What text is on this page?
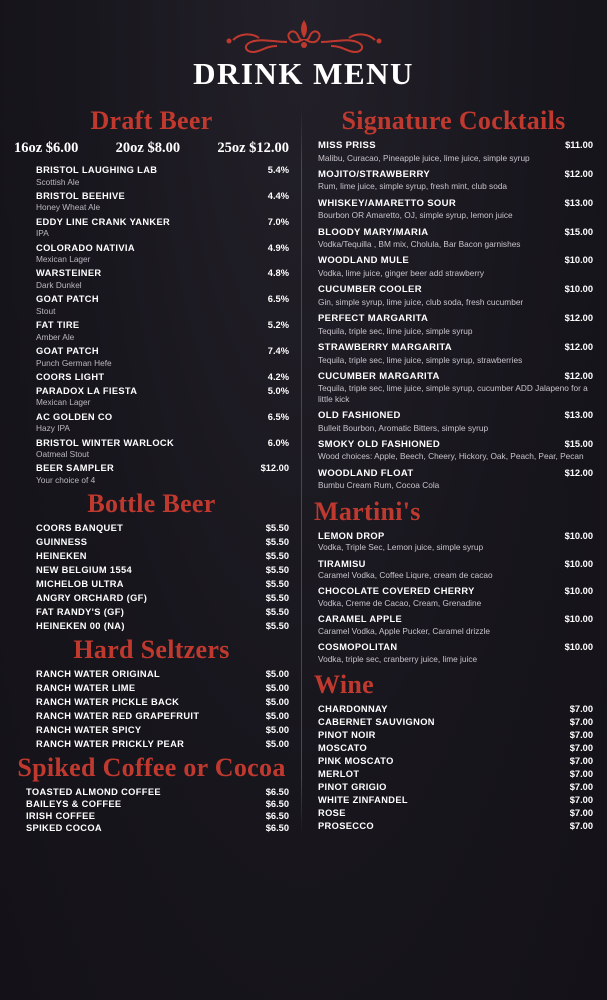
DRINK MENU
Draft Beer
16oz $6.00	20oz $8.00	25oz $12.00
BRISTOL LAUGHING LAB	5.4%
Scottish Ale
BRISTOL BEEHIVE	4.4%
Honey Wheat Ale
EDDY LINE CRANK YANKER	7.0%
IPA
COLORADO NATIVIA	4.9%
Mexican Lager
WARSTEINER	4.8%
Dark Dunkel
GOAT PATCH	6.5%
Stout
FAT TIRE	5.2%
Amber Ale
GOAT PATCH	7.4%
Punch German Hefe
COORS LIGHT	4.2%
PARADOX LA FIESTA	5.0%
Mexican Lager
AC GOLDEN CO	6.5%
Hazy IPA
BRISTOL WINTER WARLOCK	6.0%
Oatmeal Stout
BEER SAMPLER	$12.00
Your choice of 4
Bottle Beer
COORS BANQUET	$5.50
GUINNESS	$5.50
HEINEKEN	$5.50
NEW BELGIUM 1554	$5.50
MICHELOB ULTRA	$5.50
ANGRY ORCHARD (GF)	$5.50
FAT RANDY'S (GF)	$5.50
HEINEKEN 00 (NA)	$5.50
Hard Seltzers
RANCH WATER ORIGINAL	$5.00
RANCH WATER LIME	$5.00
RANCH WATER PICKLE BACK	$5.00
RANCH WATER RED GRAPEFRUIT	$5.00
RANCH WATER SPICY	$5.00
RANCH WATER PRICKLY PEAR	$5.00
Spiked Coffee or Cocoa
TOASTED ALMOND COFFEE	$6.50
BAILEYS & COFFEE	$6.50
IRISH COFFEE	$6.50
SPIKED COCOA	$6.50
Signature Cocktails
MISS PRISS	$11.00
Malibu, Curacao, Pineapple juice, lime juice, simple syrup
MOJITO/STRAWBERRY	$12.00
Rum, lime juice, simple syrup, fresh mint, club soda
WHISKEY/AMARETTO SOUR	$13.00
Bourbon OR Amaretto, OJ, simple syrup, lemon juice
BLOODY MARY/MARIA	$15.00
Vodka/Tequilla , BM mix, Cholula, Bar Bacon garnishes
WOODLAND MULE	$10.00
Vodka, lime juice, ginger beer add strawberry
CUCUMBER COOLER	$10.00
Gin, simple syrup, lime juice, club soda, fresh cucumber
PERFECT MARGARITA	$12.00
Tequila, triple sec, lime juice, simple syrup
STRAWBERRY MARGARITA	$12.00
Tequila, triple sec, lime juice, simple syrup, strawberries
CUCUMBER MARGARITA	$12.00
Tequila, triple sec, lime juice, simple syrup, cucumber ADD Jalapeno for a little kick
OLD FASHIONED	$13.00
Bulleit Bourbon, Aromatic Bitters, simple syrup
SMOKY OLD FASHIONED	$15.00
Wood choices: Apple, Beech, Cheery, Hickory, Oak, Peach, Pear, Pecan
WOODLAND FLOAT	$12.00
Bumbu Cream Rum, Cocoa Cola
Martini's
LEMON DROP	$10.00
Vodka, Triple Sec, Lemon juice, simple syrup
TIRAMISU	$10.00
Caramel Vodka, Coffee Liqure, cream de cacao
CHOCOLATE COVERED CHERRY	$10.00
Vodka, Creme de Cacao, Cream, Grenadine
CARAMEL APPLE	$10.00
Caramel Vodka, Apple Pucker, Caramel drizzle
COSMOPOLITAN	$10.00
Vodka, triple sec, cranberry juice, lime juice
Wine
CHARDONNAY	$7.00
CABERNET SAUVIGNON	$7.00
PINOT NOIR	$7.00
MOSCATO	$7.00
PINK MOSCATO	$7.00
MERLOT	$7.00
PINOT GRIGIO	$7.00
WHITE ZINFANDEL	$7.00
ROSE	$7.00
PROSECCO	$7.00
